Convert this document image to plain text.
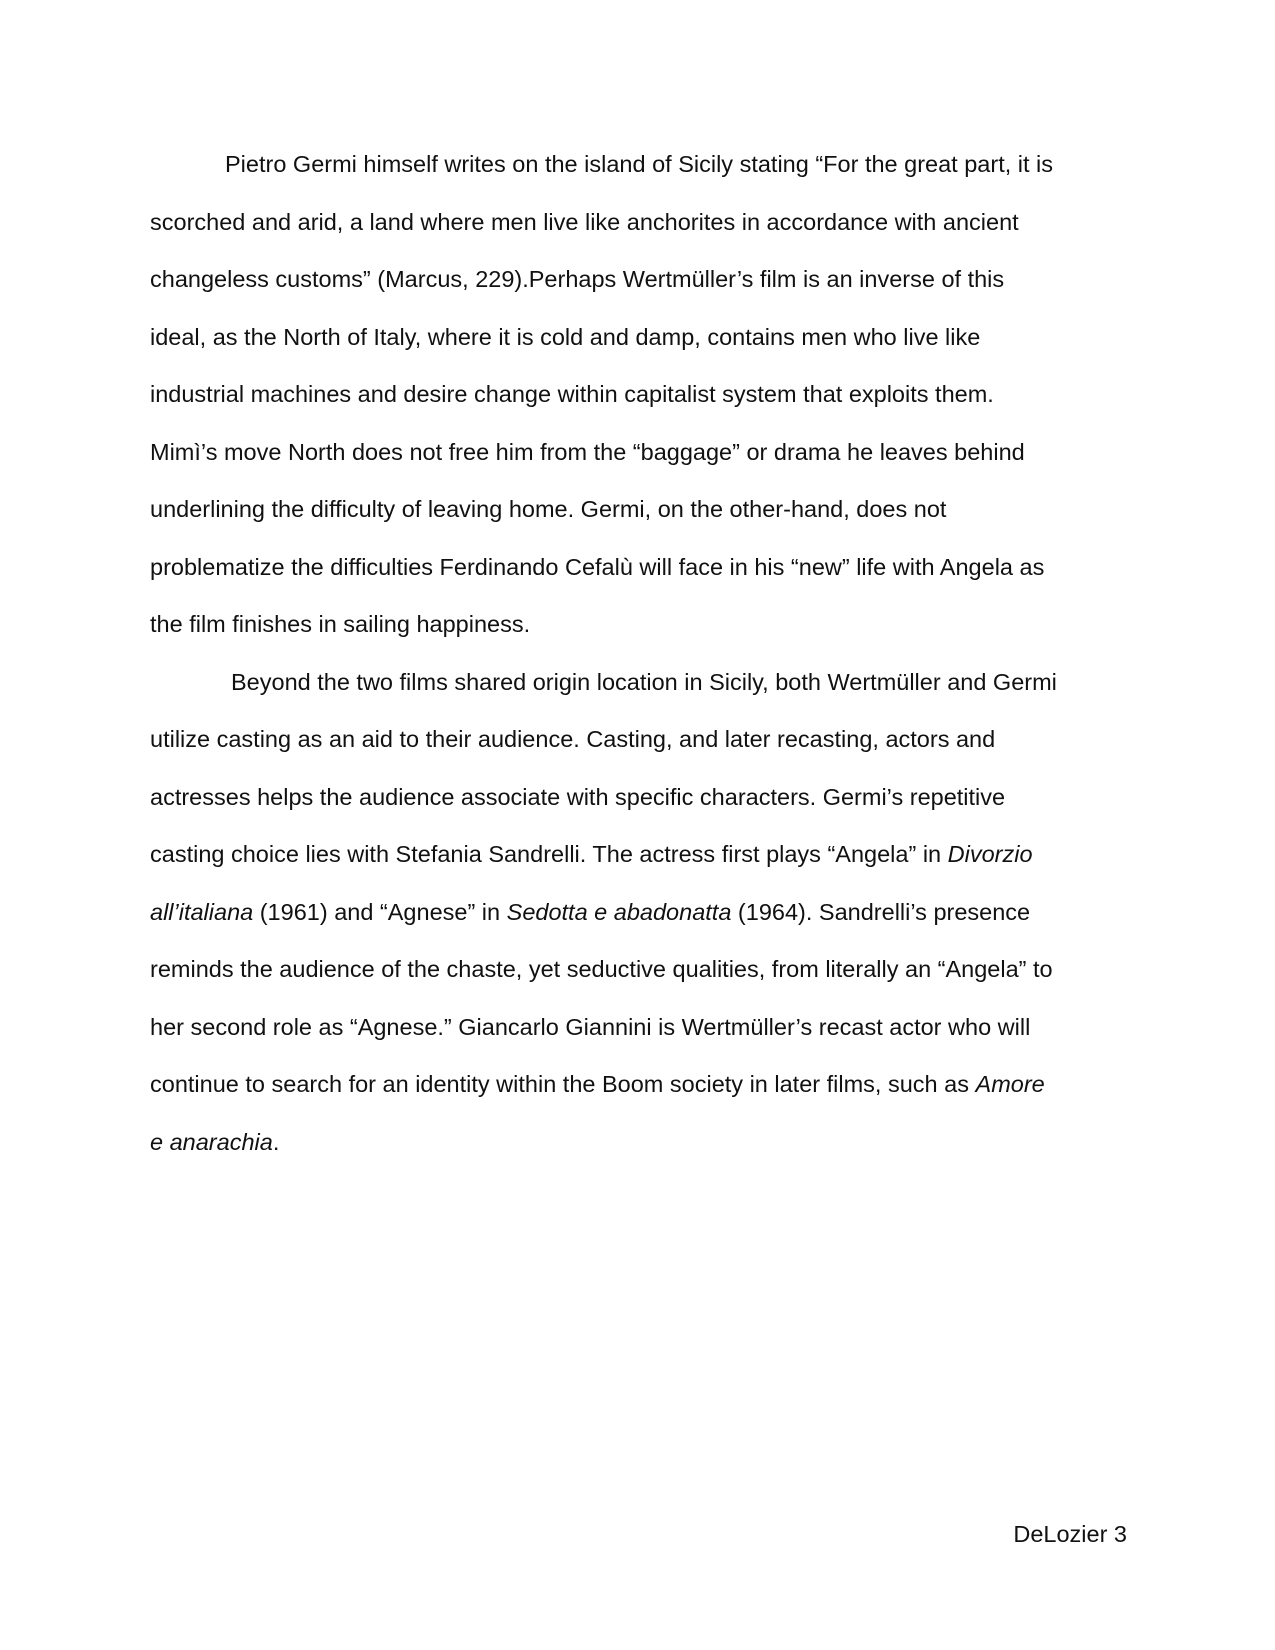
Pietro Germi himself writes on the island of Sicily stating “For the great part, it is
scorched and arid, a land where men live like anchorites in accordance with ancient
changeless customs” (Marcus, 229).Perhaps Wertmüller’s film is an inverse of this
ideal, as the North of Italy, where it is cold and damp, contains men who live like
industrial machines and desire change within capitalist system that exploits them.
Mimì’s move North does not free him from the “baggage” or drama he leaves behind
underlining the difficulty of leaving home. Germi, on the other-hand, does not
problematize the difficulties Ferdinando Cefalù will face in his “new” life with Angela as
the film finishes in sailing happiness.

Beyond the two films shared origin location in Sicily, both Wertmüller and Germi
utilize casting as an aid to their audience. Casting, and later recasting, actors and
actresses helps the audience associate with specific characters. Germi’s repetitive
casting choice lies with Stefania Sandrelli. The actress first plays “Angela” in Divorzio
all’italiana (1961) and “Agnese” in Sedotta e abadonatta (1964). Sandrelli’s presence
reminds the audience of the chaste, yet seductive qualities, from literally an “Angela” to
her second role as “Agnese.” Giancarlo Giannini is Wertmüller’s recast actor who will
continue to search for an identity within the Boom society in later films, such as Amore
e anarachia.

DeLozier 3
